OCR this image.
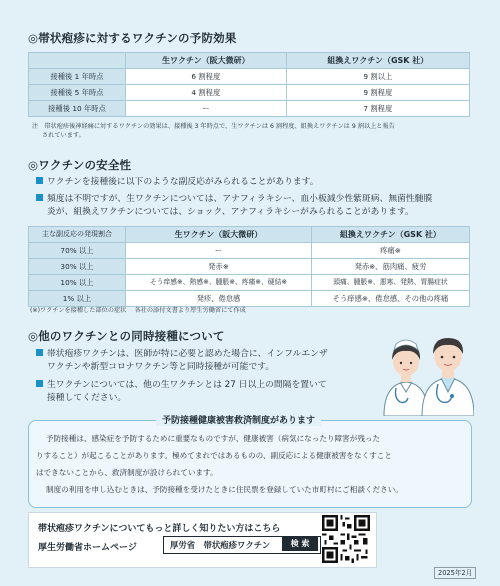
◎帯状疱疹に対するワクチンの予防効果
	生ワクチン（阪大微研）	組換えワクチン（GSK 社）
接種後 1 年時点	6 割程度	9 割以上
接種後 5 年時点	4 割程度	9 割程度
接種後 10 年時点	ー	7 割程度
注　帯状疱疹後神経痛に対するワクチンの効果は、接種後 3 年時点で、生ワクチンは 6 割程度、組換えワクチンは 9 割以上と報告
されています。
◎ワクチンの安全性
ワクチンを接種後に以下のような副反応がみられることがあります。
頻度は不明ですが、生ワクチンについては、アナフィラキシー、血小板減少性紫斑病、無菌性髄膜
炎が、組換えワクチンについては、ショック、アナフィラキシーがみられることがあります。
主な副反応の発現割合	生ワクチン（阪大微研）	組換えワクチン（GSK 社）
70% 以上	ー	疼痛※
30% 以上	発赤※	発赤※、筋肉痛、疲労
10% 以上	そう痒感※、熱感※、腫脹※、疼痛※、硬結※	頭痛、腫脹※、悪寒、発熱、胃腸症状
1% 以上	発疹、倦怠感	そう痒感※、倦怠感、その他の疼痛
(※)ワクチンを接種した部位の症状　 各社の添付文書より厚生労働省にて作成
◎他のワクチンとの同時接種について
帯状疱疹ワクチンは、医師が特に必要と認めた場合に、インフルエンザ
ワクチンや新型コロナワクチン等と同時接種が可能です。
生ワクチンについては、他の生ワクチンとは 27 日以上の間隔を置いて
接種してください。
予防接種健康被害救済制度があります
予防接種は、感染症を予防するために重要なものですが、健康被害（病気になったり障害が残った
りすること）が起こることがあります。極めてまれではあるものの、副反応による健康被害をなくすこと
はできないことから、救済制度が設けられています。
制度の利用を申し込むときは、予防接種を受けたときに住民票を登録していた市町村にご相談ください。
帯状疱疹ワクチンについてもっと詳しく知りたい方はこちら
厚生労働省ホームページ	厚労省　帯状疱疹ワクチン	検 索
2025年2月
